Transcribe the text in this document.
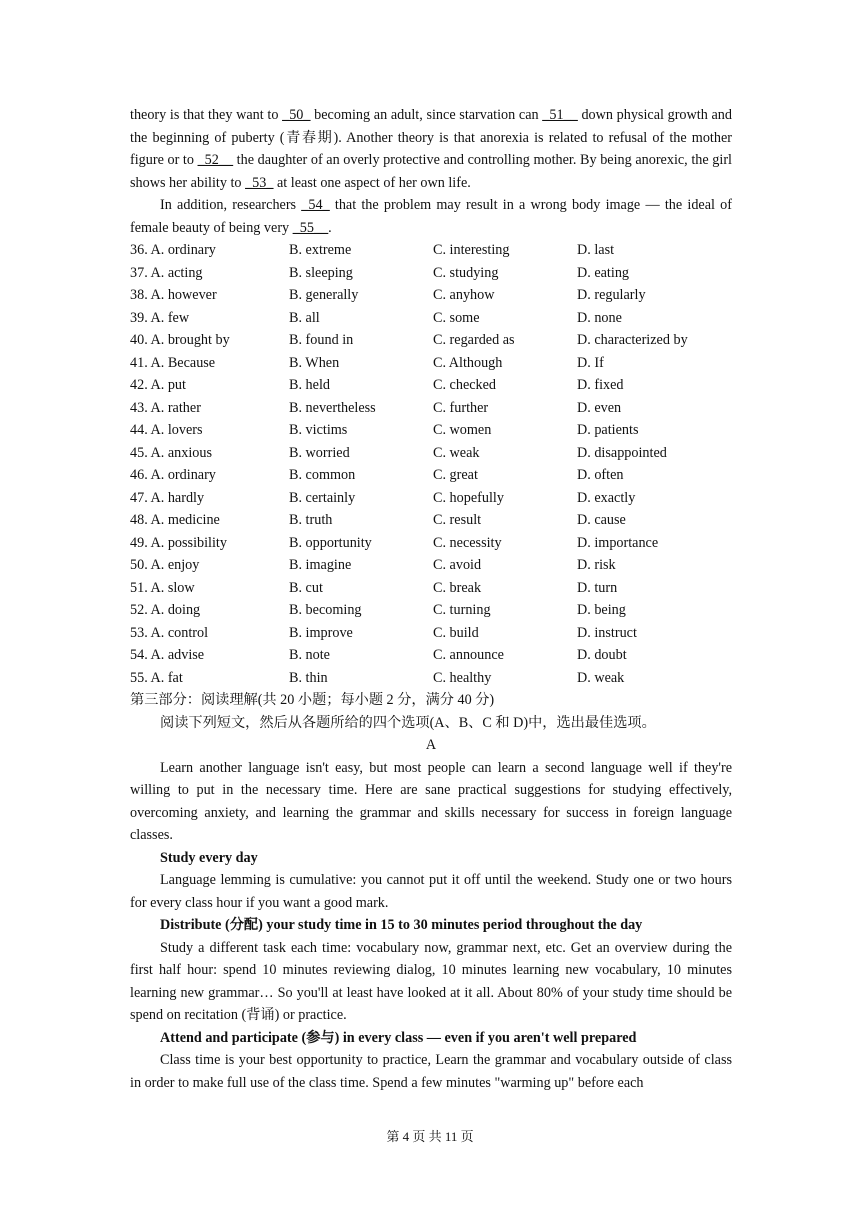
theory is that they want to _50_ becoming an adult, since starvation can _51__ down physical growth and the beginning of puberty (青春期). Another theory is that anorexia is related to refusal of the mother figure or to _52__ the daughter of an overly protective and controlling mother. By being anorexic, the girl shows her ability to _53_ at least one aspect of her own life.

In addition, researchers _54_ that the problem may result in a wrong body image — the ideal of female beauty of being very _55__.

36. A. ordinary	B. extreme	C. interesting	D. last
37. A. acting	B. sleeping	C. studying	D. eating
38. A. however	B. generally	C. anyhow	D. regularly
39. A. few	B. all	C. some	D. none
40. A. brought by	B. found in	C. regarded as	D. characterized by
41. A. Because	B. When	C. Although	D. If
42. A. put	B. held	C. checked	D. fixed
43. A. rather	B. nevertheless	C. further	D. even
44. A. lovers	B. victims	C. women	D. patients
45. A. anxious	B. worried	C. weak	D. disappointed
46. A. ordinary	B. common	C. great	D. often
47. A. hardly	B. certainly	C. hopefully	D. exactly
48. A. medicine	B. truth	C. result	D. cause
49. A. possibility	B. opportunity	C. necessity	D. importance
50. A. enjoy	B. imagine	C. avoid	D. risk
51. A. slow	B. cut	C. break	D. turn
52. A. doing	B. becoming	C. turning	D. being
53. A. control	B. improve	C. build	D. instruct
54. A. advise	B. note	C. announce	D. doubt
55. A. fat	B. thin	C. healthy	D. weak

第三部分：阅读理解(共 20 小题；每小题 2 分，满分 40 分)

阅读下列短文，然后从各题所给的四个选项(A、B、C 和 D)中，选出最佳选项。

A

Learn another language isn't easy, but most people can learn a second language well if they're willing to put in the necessary time. Here are sane practical suggestions for studying effectively, overcoming anxiety, and learning the grammar and skills necessary for success in foreign language classes.

Study every day

Language lemming is cumulative: you cannot put it off until the weekend. Study one or two hours for every class hour if you want a good mark.

Distribute (分配) your study time in 15 to 30 minutes period throughout the day

Study a different task each time: vocabulary now, grammar next, etc. Get an overview during the first half hour: spend 10 minutes reviewing dialog, 10 minutes learning new vocabulary, 10 minutes learning new grammar… So you'll at least have looked at it all. About 80% of your study time should be spend on recitation (背诵) or practice.

Attend and participate (参与) in every class — even if you aren't well prepared

Class time is your best opportunity to practice, Learn the grammar and vocabulary outside of class in order to make full use of the class time. Spend a few minutes "warming up" before each

第 4 页 共 11 页
